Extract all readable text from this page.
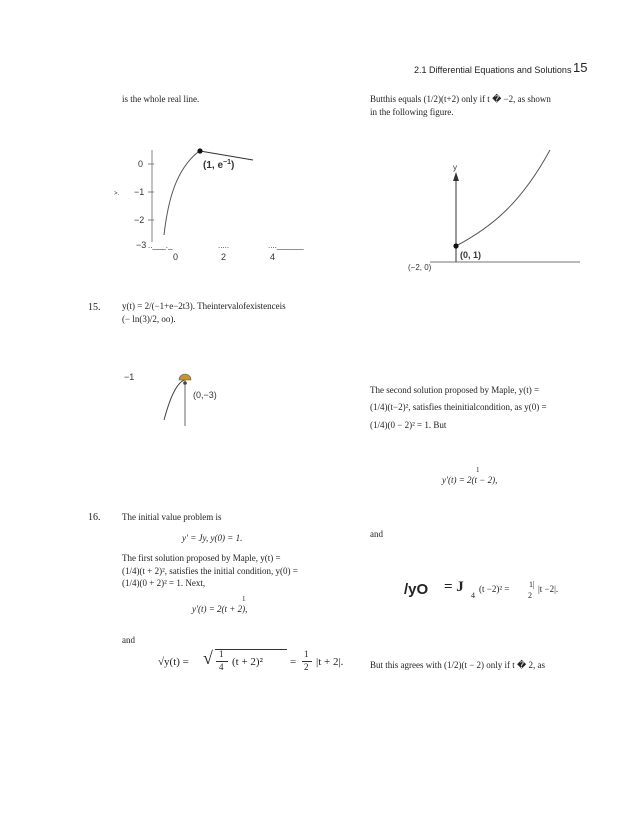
2.1 Differential Equations and Solutions 15
is the whole real line.
0
>. −1
−2
−3 ..___._	.....	....______
0	2	4
(1, $e^{-1}$)
15. y(t) = 2/(−1+e−2t3). Theintervalofexistenceis
(− ln(3)/2, oo).
−1
(0,−3)
16. The initial value problem is
y′ = Jy, y(0) = 1.
The first solution proposed by Maple, y(t) =
(1/4)(t + 2)², satisfies the initial condition, y(0) =
(1/4)(0 + 2)² = 1. Next,
1
y′(t) = 2(t + 2),
and
√y(t) = √ 1
4 (t + 2)² =
1
2 |t + 2|.
Butthis equals (1/2)(t+2) only if t � −2, as shown
in the following figure.
y
(0, 1)
(−2, 0)
The second solution proposed by Maple, y(t) =
(1/4)(t−2)², satisfies theinitialcondition, as y(0) =
(1/4)(0 − 2)² = 1. But
1
y′(t) = 2(t − 2),
and
/yO = J
4
(t −2)² = 1|
2
|t −2|.
But this agrees with (1/2)(t − 2) only if t � 2, as
